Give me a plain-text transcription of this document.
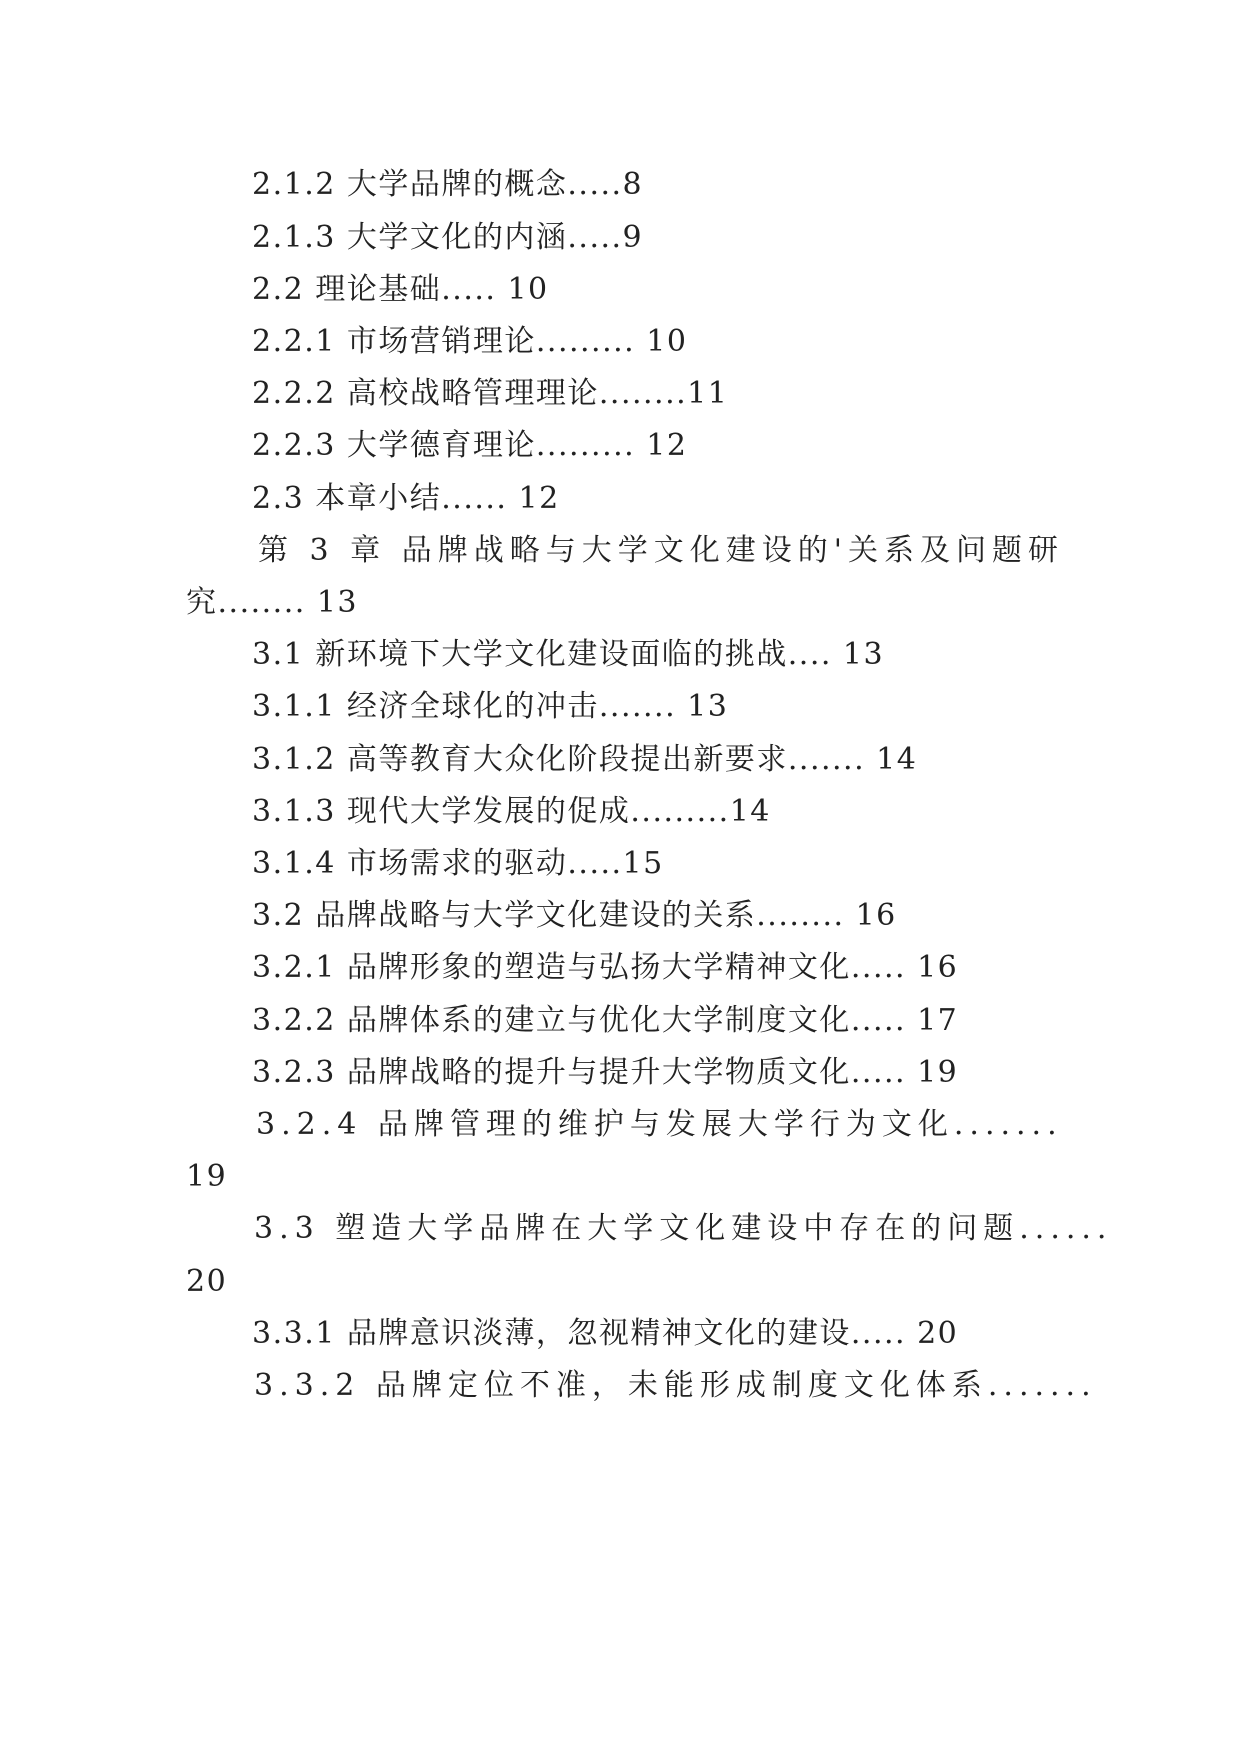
2.1.2 大学品牌的概念.....8
2.1.3 大学文化的内涵.....9
2.2 理论基础..... 10
2.2.1 市场营销理论......... 10
2.2.2 高校战略管理理论........11
2.2.3 大学德育理论......... 12
2.3 本章小结...... 12
第 3 章 品牌战略与大学文化建设的'关系及问题研
究........ 13
3.1 新环境下大学文化建设面临的挑战.... 13
3.1.1 经济全球化的冲击....... 13
3.1.2 高等教育大众化阶段提出新要求....... 14
3.1.3 现代大学发展的促成.........14
3.1.4 市场需求的驱动.....15
3.2 品牌战略与大学文化建设的关系........ 16
3.2.1 品牌形象的塑造与弘扬大学精神文化..... 16
3.2.2 品牌体系的建立与优化大学制度文化..... 17
3.2.3 品牌战略的提升与提升大学物质文化..... 19
3.2.4 品牌管理的维护与发展大学行为文化.......
19
3.3 塑造大学品牌在大学文化建设中存在的问题......
20
3.3.1 品牌意识淡薄，忽视精神文化的建设..... 20
3.3.2 品牌定位不准，未能形成制度文化体系.......
